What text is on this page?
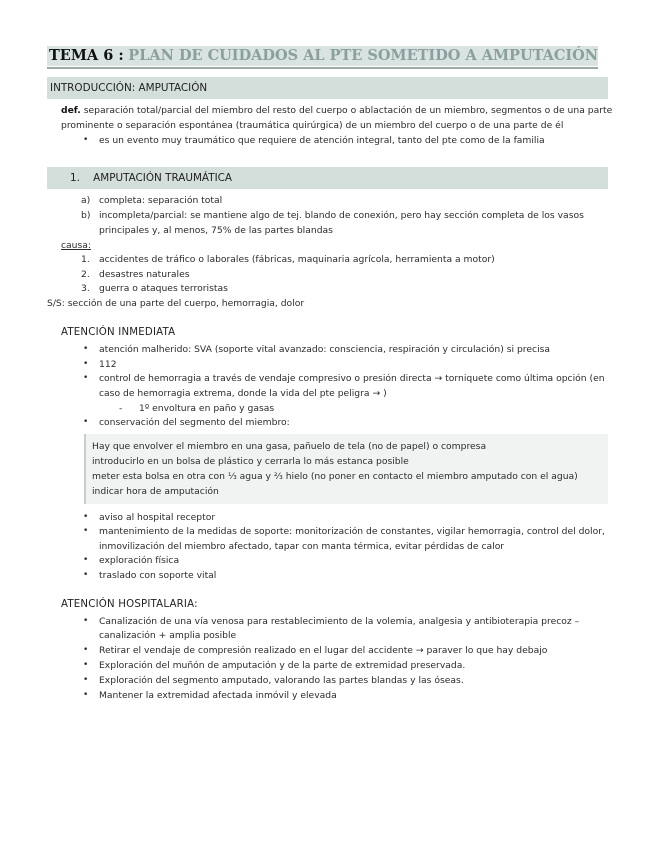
TEMA 6 : PLAN DE CUIDADOS AL PTE SOMETIDO A AMPUTACIÓN
INTRODUCCIÓN: AMPUTACIÓN
def. separación total/parcial del miembro del resto del cuerpo o ablactación de un miembro, segmentos o de una parte
prominente o separación espontánea (traumática quirúrgica) de un miembro del cuerpo o de una parte de él
• es un evento muy traumático que requiere de atención integral, tanto del pte como de la familia
1.    AMPUTACIÓN TRAUMÁTICA
a) completa: separación total
b) incompleta/parcial: se mantiene algo de tej. blando de conexión, pero hay sección completa de los vasos
principales y, al menos, 75% de las partes blandas
causa:
1. accidentes de tráfico o laborales (fábricas, maquinaria agrícola, herramienta a motor)
2. desastres naturales
3. guerra o ataques terroristas
S/S: sección de una parte del cuerpo, hemorragia, dolor
ATENCIÓN INMEDIATA
• atención malherido: SVA (soporte vital avanzado: consciencia, respiración y circulación) si precisa
• 112
• control de hemorragia a través de vendaje compresivo o presión directa → torniquete como última opción (en
caso de hemorragia extrema, donde la vida del pte peligra → )
- 1º envoltura en paño y gasas
• conservación del segmento del miembro:
Hay que envolver el miembro en una gasa, pañuelo de tela (no de papel) o compresa
introducirlo en un bolsa de plástico y cerrarla lo más estanca posible
meter esta bolsa en otra con ⅓ agua y ⅔ hielo (no poner en contacto el miembro amputado con el agua)
indicar hora de amputación
• aviso al hospital receptor
• mantenimiento de la medidas de soporte: monitorización de constantes, vigilar hemorragia, control del dolor,
inmovilización del miembro afectado, tapar con manta térmica, evitar pérdidas de calor
• exploración física
• traslado con soporte vital
ATENCIÓN HOSPITALARIA:
• Canalización de una vía venosa para restablecimiento de la volemia, analgesia y antibioterapia precoz –
canalización + amplia posible
• Retirar el vendaje de compresión realizado en el lugar del accidente → paraver lo que hay debajo
• Exploración del muñón de amputación y de la parte de extremidad preservada.
• Exploración del segmento amputado, valorando las partes blandas y las óseas.
• Mantener la extremidad afectada inmóvil y elevada
